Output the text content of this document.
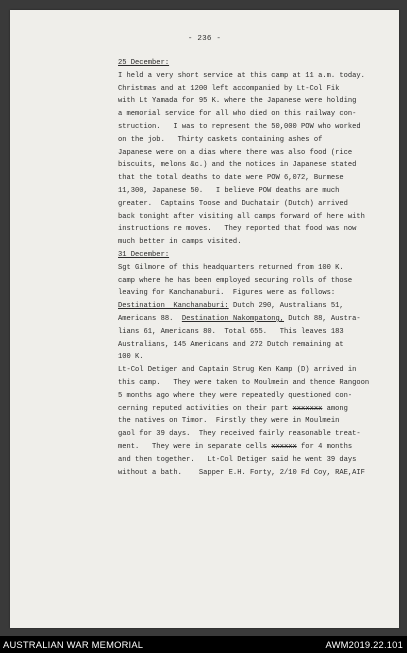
- 236 -
25 December:
I held a very short service at this camp at 11 a.m. today.
Christmas and at 1200 left accompanied by Lt-Col Fik
with Lt Yamada for 95 K. where the Japanese were holding
a memorial service for all who died on this railway con-
struction.   I was to represent the 50,000 POW who worked
on the job.   Thirty caskets containing ashes of
Japanese were on a dias where there was also food (rice
biscuits, melons &c.) and the notices in Japanese stated
that the total deaths to date were POW 6,072, Burmese
11,300, Japanese 50.   I believe POW deaths are much
greater.  Captains Toose and Duchatair (Dutch) arrived
back tonight after visiting all camps forward of here with
instructions re moves.   They reported that food was now
much better in camps visited.
31 December:
Sgt Gilmore of this headquarters returned from 100 K.
camp where he has been employed securing rolls of those
leaving for Kanchanaburi.  Figures were as follows:
Destination  Kanchanaburi: Dutch 290, Australians 51,
Americans 88.  Destination Nakompatong, Dutch 88, Austra-
lians 61, Americans 80.  Total 655.   This leaves 183
Australians, 145 Americans and 272 Dutch remaining at
100 K.
Lt-Col Detiger and Captain Strug Ken Kamp (D) arrived in
this camp.   They were taken to Moulmein and thence Rangoon
5 months ago where they were repeatedly questioned con-
cerning reputed activities on their part xxxxxxx among
the natives on Timor.  Firstly they were in Moulmein
gaol for 39 days.  They received fairly reasonable treat-
ment.   They were in separate cells xxxxxx for 4 months
and then together.   Lt-Col Detiger said he went 39 days
without a bath.    Sapper E.H. Forty, 2/10 Fd Coy, RAE,AIF
AUSTRALIAN WAR MEMORIAL	AWM2019.22.101
